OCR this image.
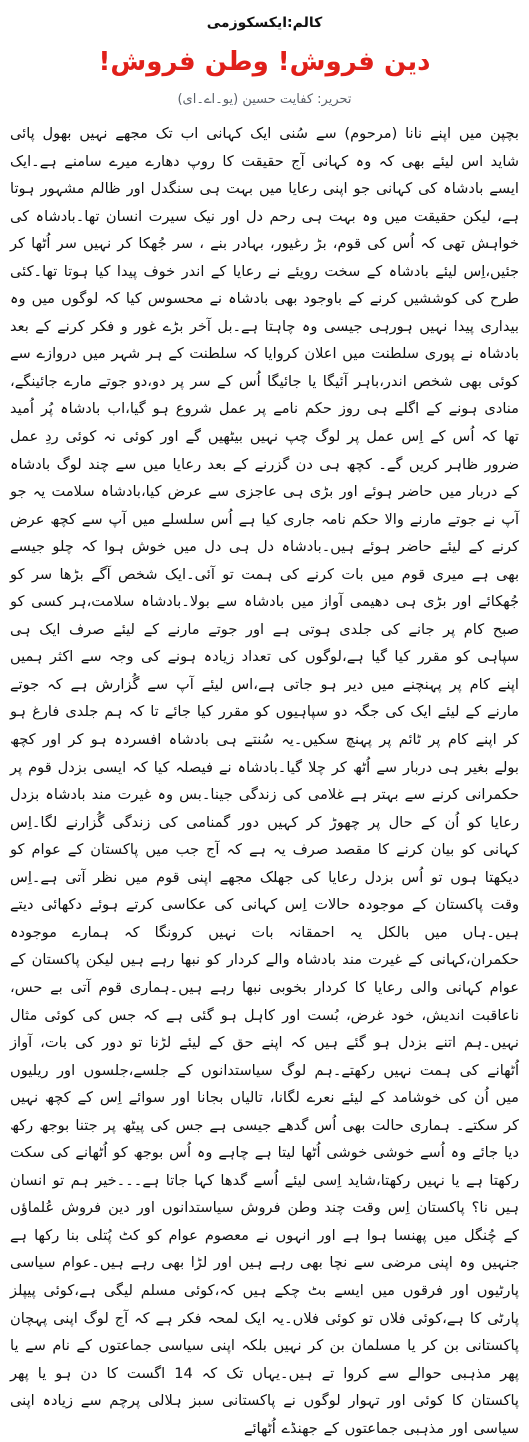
کالم:ایکسکوزمی
دین فروش! وطن فروش!
تحریر: کفایت حسین (یو۔اے۔ای)
بچپن میں اپنے نانا (مرحوم) سے سُنی ایک کہانی اب تک مجھے نہیں بھول پائی شاید اس لیئے بھی کہ وہ کہانی آج حقیقت کا روپ دھارے میرے سامنے ہے۔ایک ایسے بادشاہ کی کہانی جو اپنی رعایا میں بہت ہی سنگدل اور ظالم مشہور ہوتا ہے، لیکن حقیقت میں وہ بہت ہی رحم دل اور نیک سیرت انسان تھا۔بادشاہ کی خواہش تھی کہ اُس کی قوم، بڑ رغیور، بہادر بنے ، سر جُھکا کر نہیں سر اُٹھا کر جئیں،اِس لیئے بادشاہ کے سخت رویئے نے رعایا کے اندر خوف پیدا کیا ہوتا تھا۔کئی طرح کی کوششیں کرنے کے باوجود بھی بادشاہ نے محسوس کیا کہ لوگوں میں وہ بیداری پیدا نہیں ہورہی جیسی وہ چاہتا ہے۔بل آخر بڑے غور و فکر کرنے کے بعد بادشاہ نے پوری سلطنت میں اعلان کروایا کہ سلطنت کے ہر شہر میں دروازے سے کوئی بھی شخص اندر،باہر آئیگا یا جائیگا اُس کے سر پر دو،دو جوتے مارے جائینگے، منادی ہونے کے اگلے ہی روز حکم نامے پر عمل شروع ہو گیا،اب بادشاہ پُر اُمید تھا کہ اُس کے اِس عمل پر لوگ چپ نہیں بیٹھیں گے اور کوئی نہ کوئی ردِ عمل ضرور ظاہر کریں گے۔ کچھ ہی دن گزرنے کے بعد رعایا میں سے چند لوگ بادشاہ کے دربار میں حاضر ہوئے اور بڑی ہی عاجزی سے عرض کیا،بادشاہ سلامت یہ جو آپ نے جوتے مارنے والا حکم نامہ جاری کیا ہے اُس سلسلے میں آپ سے کچھ عرض کرنے کے لیئے حاضر ہوئے ہیں۔بادشاہ دل ہی دل میں خوش ہوا کہ چلو جیسے بھی ہے میری قوم میں بات کرنے کی ہمت تو آئی۔ایک شخص آگے بڑھا سر کو جُھکائے اور بڑی ہی دھیمی آواز میں بادشاہ سے بولا۔بادشاہ سلامت،ہر کسی کو صبح کام پر جانے کی جلدی ہوتی ہے اور جوتے مارنے کے لیئے صرف ایک ہی سپاہی کو مقرر کیا گیا ہے،لوگوں کی تعداد زیادہ ہونے کی وجہ سے اکثر ہمیں اپنے کام پر پہنچنے میں دیر ہو جاتی ہے،اس لیئے آپ سے گُزارش ہے کہ جوتے مارنے کے لیئے ایک کی جگہ دو سپاہیوں کو مقرر کیا جائے تا کہ ہم جلدی فارغ ہو کر اپنے کام پر ٹائم پر پہنچ سکیں۔یہ سُنتے ہی بادشاہ افسردہ ہو کر اور کچھ بولے بغیر ہی دربار سے اُٹھ کر چلا گیا۔بادشاہ نے فیصلہ کیا کہ ایسی بزدل قوم پر حکمرانی کرنے سے بہتر ہے غلامی کی زندگی جینا۔بس وہ غیرت مند بادشاہ بزدل رعایا کو اُن کے حال پر چھوڑ کر کہیں دور گمنامی کی زندگی گُزارنے لگا۔اِس کہانی کو بیان کرنے کا مقصد صرف یہ ہے کہ آج جب میں پاکستان کے عوام کو دیکھتا ہوں تو اُس بزدل رعایا کی جھلک مجھے اپنی قوم میں نظر آتی ہے۔اِس وقت پاکستان کے موجودہ حالات اِس کہانی کی عکاسی کرتے ہوئے دکھائی دیتے ہیں۔ہاں میں بالکل یہ احمقانہ بات نہیں کرونگا کہ ہمارے موجودہ حکمران،کہانی کے غیرت مند بادشاہ والے کردار کو نبھا رہے ہیں لیکن پاکستان کے عوام کہانی والی رعایا کا کردار بخوبی نبھا رہے ہیں۔ہماری قوم آتی بے حس، ناعاقبت اندیش، خود غرض، بُست اور کاہل ہو گئی ہے کہ جس کی کوئی مثال نہیں۔ہم اتنے بزدل ہو گئے ہیں کہ اپنے حق کے لیئے لڑنا تو دور کی بات، آواز اُٹھانے کی ہمت نہیں رکھتے۔ہم لوگ سیاستدانوں کے جلسے،جلسوں اور ریلیوں میں اُن کی خوشامد کے لیئے نعرے لگانا، تالیاں بجانا اور سوائے اِس کے کچھ نہیں کر سکتے۔ ہماری حالت بھی اُس گدھے جیسی ہے جس کی پیٹھ پر جتنا بوجھ رکھ دیا جائے وہ اُسے خوشی خوشی اُٹھا لیتا ہے چاہے وہ اُس بوجھ کو اُٹھانے کی سکت رکھتا ہے یا نہیں رکھتا،شاید اِسی لیئے اُسے گدھا کہا جاتا ہے۔۔۔خیر ہم تو انسان ہیں نا؟ پاکستان اِس وقت چند وطن فروش سیاستدانوں اور دین فروش عُلماؤں کے چُنگل میں پھنسا ہوا ہے اور انہوں نے معصوم عوام کو کٹ پُتلی بنا رکھا ہے جنہیں وہ اپنی مرضی سے نچا بھی رہے ہیں اور لڑا بھی رہے ہیں۔عوام سیاسی پارٹیوں اور فرقوں میں ایسے بٹ چکے ہیں کہ،کوئی مسلم لیگی ہے،کوئی پیپلز پارٹی کا ہے،کوئی فلاں تو کوئی فلاں۔یہ ایک لمحہ فکر ہے کہ آج لوگ اپنی پہچان پاکستانی بن کر یا مسلمان بن کر نہیں بلکہ اپنی سیاسی جماعتوں کے نام سے یا پھر مذہبی حوالے سے کروا تے ہیں۔یہاں تک کہ 14 اگست کا دن ہو یا پھر پاکستان کا کوئی اور تہوار لوگوں نے پاکستانی سبز ہلالی پرچم سے زیادہ اپنی سیاسی اور مذہبی جماعتوں کے جھنڈے اُٹھائے
